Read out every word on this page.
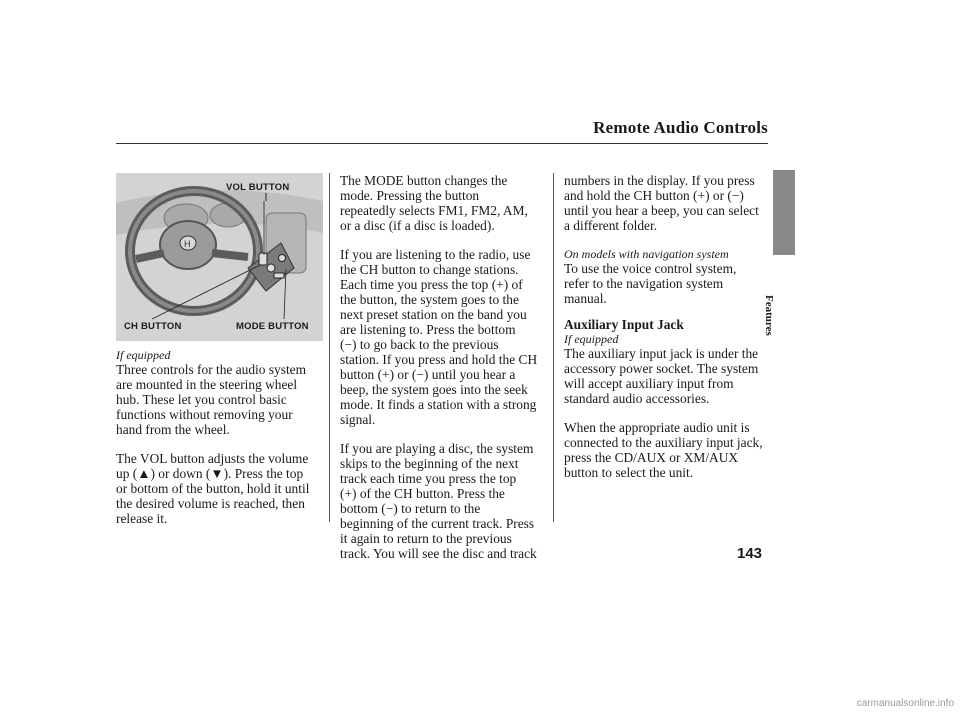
Remote Audio Controls
Features
H
VOL BUTTON
CH BUTTON	MODE BUTTON

If equipped

Three controls for the audio system
are mounted in the steering wheel
hub. These let you control basic
functions without removing your
hand from the wheel.

The VOL button adjusts the volume
up (▲) or down (▼). Press the top
or bottom of the button, hold it until
the desired volume is reached, then
release it.

The MODE button changes the
mode. Pressing the button
repeatedly selects FM1, FM2, AM,
or a disc (if a disc is loaded).

If you are listening to the radio, use
the CH button to change stations.
Each time you press the top (+) of
the button, the system goes to the
next preset station on the band you
are listening to. Press the bottom
(−) to go back to the previous
station. If you press and hold the CH
button (+) or (−) until you hear a
beep, the system goes into the seek
mode. It finds a station with a strong
signal.

If you are playing a disc, the system
skips to the beginning of the next
track each time you press the top
(+) of the CH button. Press the
bottom (−) to return to the
beginning of the current track. Press
it again to return to the previous
track. You will see the disc and track

numbers in the display. If you press
and hold the CH button (+) or (−)
until you hear a beep, you can select
a different folder.

On models with navigation system

To use the voice control system,
refer to the navigation system
manual.

Auxiliary Input Jack

If equipped

The auxiliary input jack is under the
accessory power socket. The system
will accept auxiliary input from
standard audio accessories.

When the appropriate audio unit is
connected to the auxiliary input jack,
press the CD/AUX or XM/AUX
button to select the unit.

143
carmanualsonline.info
